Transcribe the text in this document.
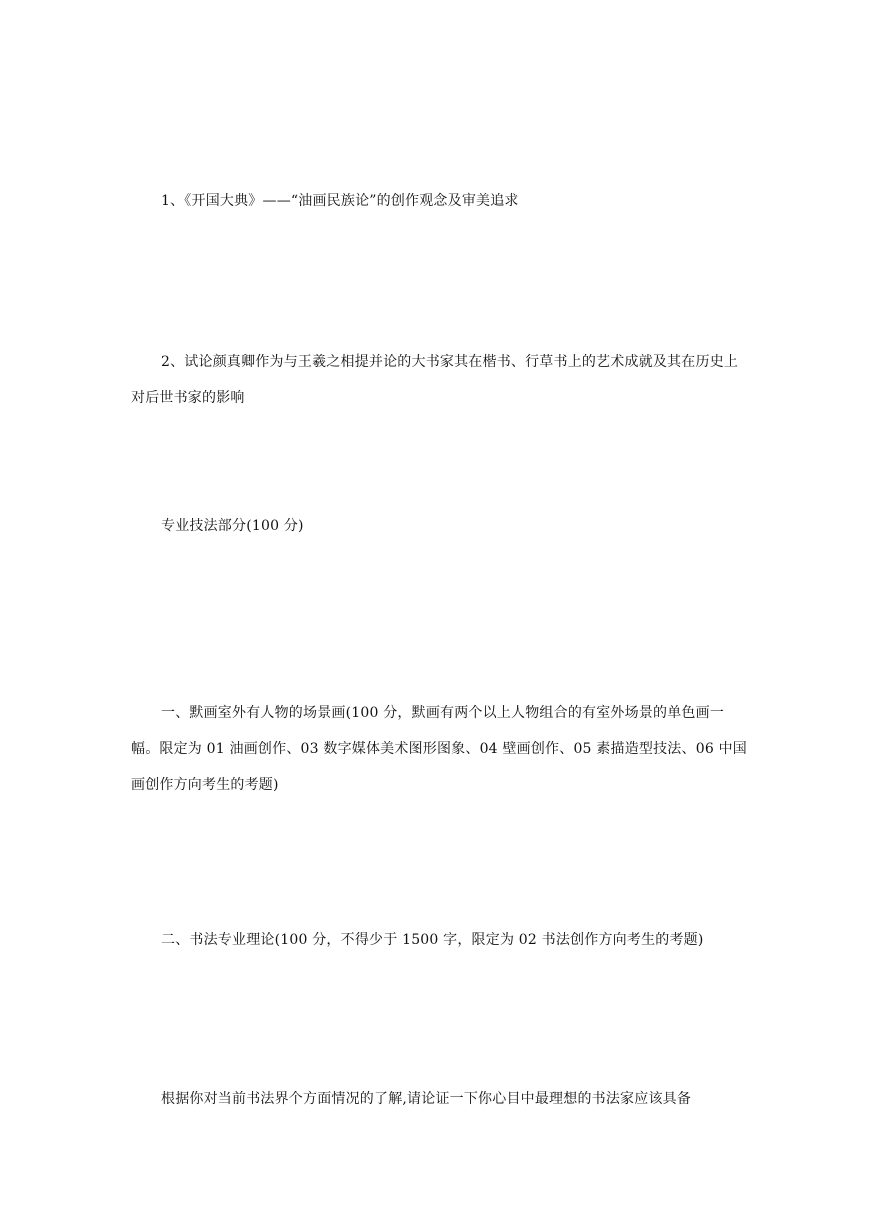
1、《开国大典》——“油画民族论”的创作观念及审美追求

2、试论颜真卿作为与王羲之相提并论的大书家其在楷书、行草书上的艺术成就及其在历史上对后世书家的影响

专业技法部分(100 分)

一、默画室外有人物的场景画(100 分，默画有两个以上人物组合的有室外场景的单色画一幅。限定为 01 油画创作、03 数字媒体美术图形图象、04 壁画创作、05 素描造型技法、06 中国画创作方向考生的考题)

二、书法专业理论(100 分，不得少于 1500 字，限定为 02 书法创作方向考生的考题)

根据你对当前书法界个方面情况的了解,请论证一下你心目中最理想的书法家应该具备
